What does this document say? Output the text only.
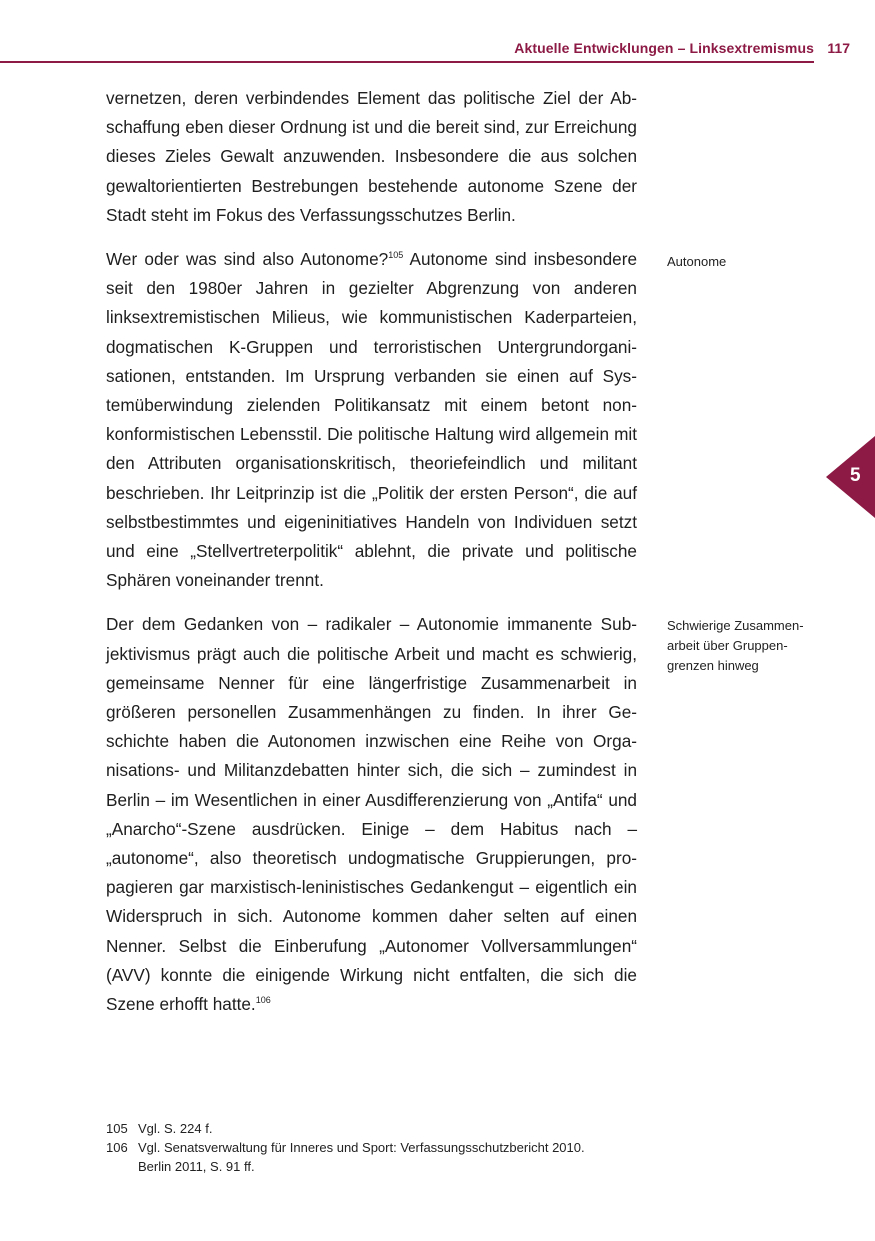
Aktuelle Entwicklungen – Linksextremismus 117

vernetzen, deren verbindendes Element das politische Ziel der Abschaffung eben dieser Ordnung ist und die bereit sind, zur Erreichung dieses Zieles Gewalt anzuwenden. Insbesondere die aus solchen gewaltorientierten Bestrebungen bestehende autonome Szene der Stadt steht im Fokus des Verfassungsschutzes Berlin.

Wer oder was sind also Autonome?$^{105}$ Autonome sind insbesondere seit den 1980er Jahren in gezielter Abgrenzung von anderen linksextremistischen Milieus, wie kommunistischen Kaderparteien, dogmatischen K-Gruppen und terroristischen Untergrundorganisationen, entstanden. Im Ursprung verbanden sie einen auf Systemüberwindung zielenden Politikansatz mit einem betont nonkonformistischen Lebensstil. Die politische Haltung wird allgemein mit den Attributen organisationskritisch, theoriefeindlich und militant beschrieben. Ihr Leitprinzip ist die „Politik der ersten Person“, die auf selbstbestimmtes und eigeninitiatives Handeln von Individuen setzt und eine „Stellvertreterpolitik“ ablehnt, die private und politische Sphären voneinander trennt.

Der dem Gedanken von – radikaler – Autonomie immanente Subjektivismus prägt auch die politische Arbeit und macht es schwierig, gemeinsame Nenner für eine längerfristige Zusammenarbeit in größeren personellen Zusammenhängen zu finden. In ihrer Geschichte haben die Autonomen inzwischen eine Reihe von Organisations- und Militanzdebatten hinter sich, die sich – zumindest in Berlin – im Wesentlichen in einer Ausdifferenzierung von „Antifa“ und „Anarcho“-Szene ausdrücken. Einige – dem Habitus nach – „autonome“, also theoretisch undogmatische Gruppierungen, propagieren gar marxistisch-leninistisches Gedankengut – eigentlich ein Widerspruch in sich. Autonome kommen daher selten auf einen Nenner. Selbst die Einberufung „Autonomer Vollversammlungen“ (AVV) konnte die einigende Wirkung nicht entfalten, die sich die Szene erhofft hatte.$^{106}$

Autonome
Schwierige Zusammen-
arbeit über Gruppen-
grenzen hinweg
5
105 Vgl. S. 224 f.
106 Vgl. Senatsverwaltung für Inneres und Sport: Verfassungsschutzbericht 2010.
Berlin 2011, S. 91 ff.
